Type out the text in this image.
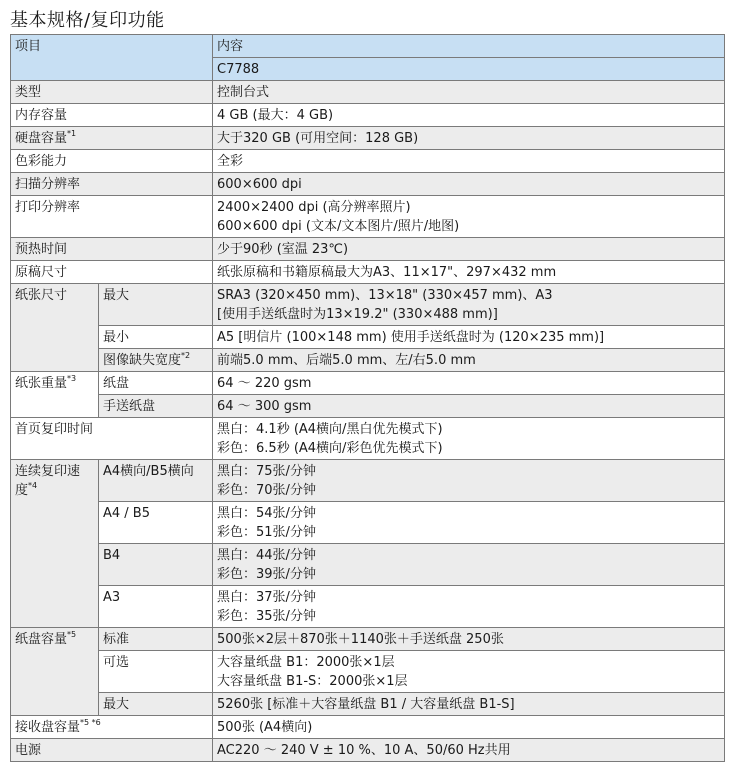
基本规格/复印功能
项目		内容
		C7788
类型		控制台式
内存容量		4 GB (最大：4 GB)
硬盘容量$^{*1}$		大于320 GB (可用空间：128 GB)
色彩能力		全彩
扫描分辨率		600×600 dpi
打印分辨率		2400×2400 dpi (高分辨率照片)
600×600 dpi (文本/文本图片/照片/地图)

预热时间		少于90秒 (室温 23℃)
原稿尺寸		纸张原稿和书籍原稿最大为A3、11×17"、297×432 mm
纸张尺寸	最大	SRA3 (320×450 mm)、13×18" (330×457 mm)、A3
[使用手送纸盘时为13×19.2" (330×488 mm)]

	最小	A5 [明信片 (100×148 mm) 使用手送纸盘时为 (120×235 mm)]
	图像缺失宽度$^{*2}$	前端5.0 mm、后端5.0 mm、左/右5.0 mm
纸张重量$^{*3}$	纸盘	64 ～ 220 gsm
	手送纸盘	64 ～ 300 gsm
首页复印时间		黑白：4.1秒 (A4横向/黑白优先模式下)
彩色：6.5秒 (A4横向/彩色优先模式下)

连续复印速
度$^{*4}$	A4横向/B5横向	黑白：75张/分钟
彩色：70张/分钟

	A4 / B5	黑白：54张/分钟
彩色：51张/分钟

	B4	黑白：44张/分钟
彩色：39张/分钟

	A3	黑白：37张/分钟
彩色：35张/分钟

纸盘容量$^{*5}$	标准	500张×2层＋870张＋1140张＋手送纸盘 250张
	可选	大容量纸盘 B1：2000张×1层
大容量纸盘 B1-S：2000张×1层

	最大	5260张 [标准＋大容量纸盘 B1 / 大容量纸盘 B1-S]
接收盘容量$^{*5 *6}$		500张 (A4横向)
电源		AC220 ～ 240 V ± 10 %、10 A、50/60 Hz共用
